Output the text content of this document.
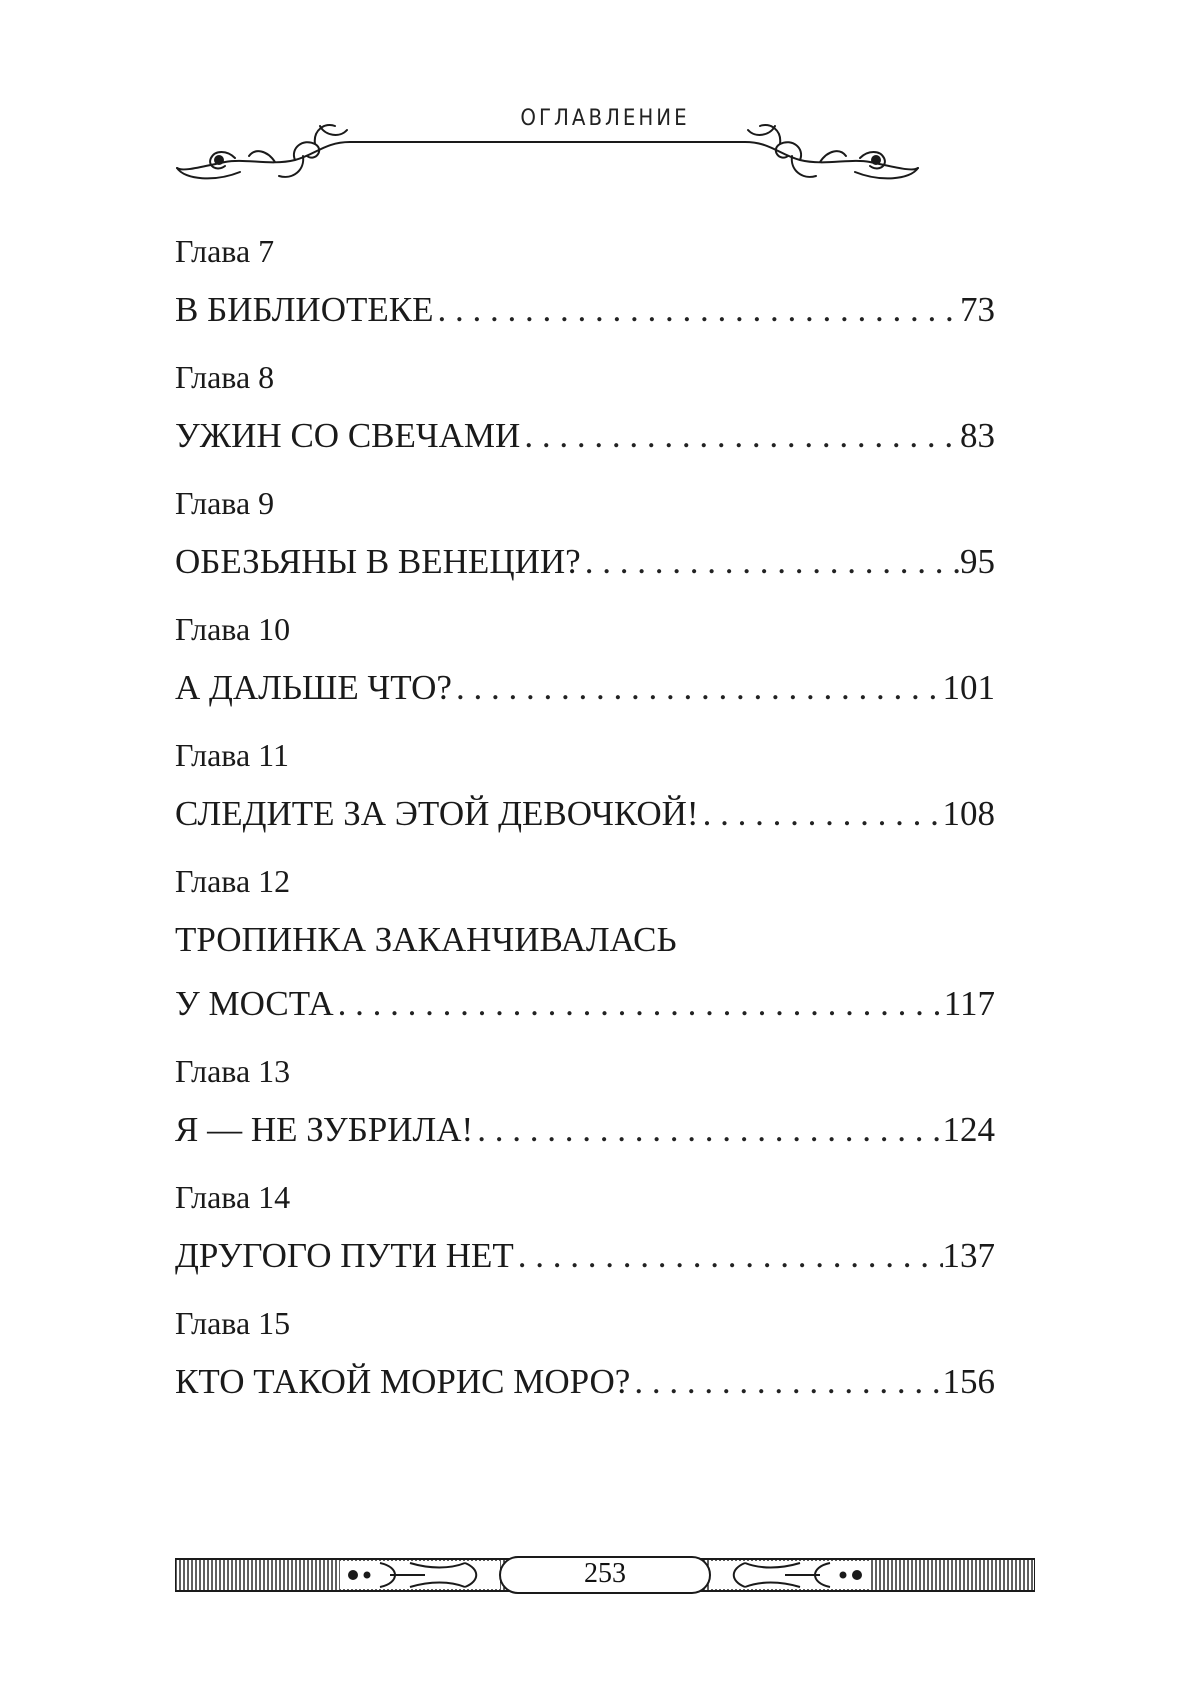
ОГЛАВЛЕНИЕ
Глава 7
В БИБЛИОТЕКЕ . . .	73
Глава 8
УЖИН СО СВЕЧАМИ . . .	83
Глава 9
ОБЕЗЬЯНЫ В ВЕНЕЦИИ? . . .	95
Глава 10
А ДАЛЬШЕ ЧТО? . . .	101
Глава 11
СЛЕДИТЕ ЗА ЭТОЙ ДЕВОЧКОЙ! . . .	108
Глава 12
ТРОПИНКА ЗАКАНЧИВАЛАСЬ
У МОСТА . . .	117
Глава 13
Я — НЕ ЗУБРИЛА! . . .	124
Глава 14
ДРУГОГО ПУТИ НЕТ . . .	137
Глава 15
КТО ТАКОЙ МОРИС МОРО? . . .	156
253
